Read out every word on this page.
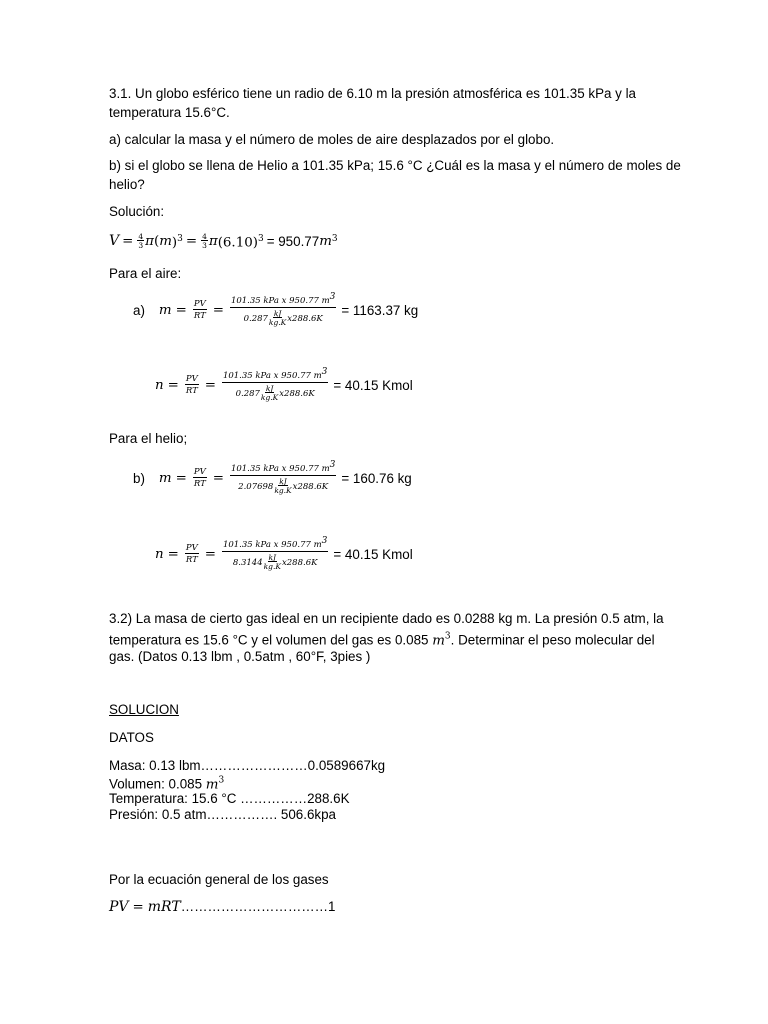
3.1. Un globo esférico tiene un radio de 6.10 m la presión atmosférica es 101.35 kPa y la
temperatura 15.6°C.
a) calcular la masa y el número de moles de aire desplazados por el globo.
b) si el globo se llena de Helio a 101.35 kPa; 15.6 °C ¿Cuál es la masa y el número de moles de
helio?
Solución:
$V = \frac{4}{3}$ π ( m )$^3 = \frac{4}{3}$ π $(6.10)^3 = 950.77$ m $^3$
Para el aire:
a) $m = \frac{PV}{RT} = \frac{101.35 kPa x 950.77 m^3}{0.287 \frac{kJ}{kg.K} x288.6K} = 1163.37$ kg
$n = \frac{PV}{RT} = \frac{101.35 kPa x 950.77 m^3}{0.287 \frac{kJ}{kg.K} x288.6K} = 40.15$ Kmol
Para el helio;
b) $m = \frac{PV}{RT} = \frac{101.35 kPa x 950.77 m^3}{2.07698 \frac{kJ}{kg.K} x288.6K} = 160.76$ kg
$n = \frac{PV}{RT} = \frac{101.35 kPa x 950.77 m^3}{8.3144 \frac{kJ}{kg.K} x288.6K} = 40.15$ Kmol
3.2) La masa de cierto gas ideal en un recipiente dado es 0.0288 kg m. La presión 0.5 atm, la
temperatura es 15.6 °C y el volumen del gas es 0.085 $m^3$. Determinar el peso molecular del
gas. (Datos 0.13 lbm , 0.5atm , 60°F, 3pies )
SOLUCION
DATOS
Masa: 0.13 lbm……………………0.0589667kg
Volumen: 0.085 $m^3$
Temperatura: 15.6 °C ……………288.6K
Presión: 0.5 atm……………. 506.6kpa
Por la ecuación general de los gases
PV = mRT……………………………1
